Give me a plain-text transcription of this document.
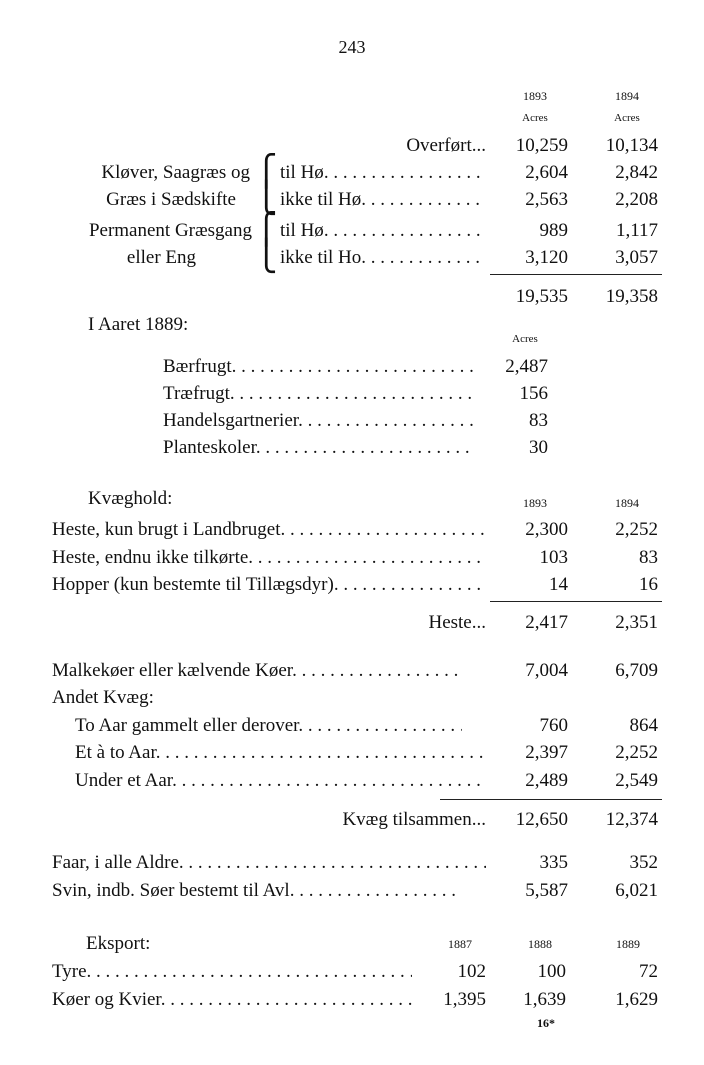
243
1893	1894
Acres	Acres
Overført...	10,259	10,134
Kløver, Saagræs og
Græs i Sædskifte
⎧
⎩
til Hø . . .	2,604	2,842
ikke til Hø . . .	2,563	2,208
Permanent Græsgang
eller Eng
⎧
⎩
til Hø . . .	989	1,117
ikke til Ho . . .	3,120	3,057
19,535	19,358
I Aaret 1889:
Acres
Bærfrugt . . .	2,487
Træfrugt . . .	156
Handelsgartnerier . . .	83
Planteskoler . . .	30
Kvæghold:	1893	1894
Heste, kun brugt i Landbruget . . .	2,300	2,252
Heste, endnu ikke tilkørte . . .	103	83
Hopper (kun bestemte til Tillægsdyr) . . .	14	16
Heste...	2,417	2,351
Malkekøer eller kælvende Køer . . .	7,004	6,709
Andet Kvæg:
To Aar gammelt eller derover . . .	760	864
Et à to Aar . . .	2,397	2,252
Under et Aar . . .	2,489	2,549
Kvæg tilsammen...	12,650	12,374
Faar, i alle Aldre . . .	335	352
Svin, indb. Søer bestemt til Avl . . .	5,587	6,021
Eksport:	1887	1888	1889
Tyre . . .	102	100	72
Køer og Kvier . . .	1,395	1,639	1,629
16*
